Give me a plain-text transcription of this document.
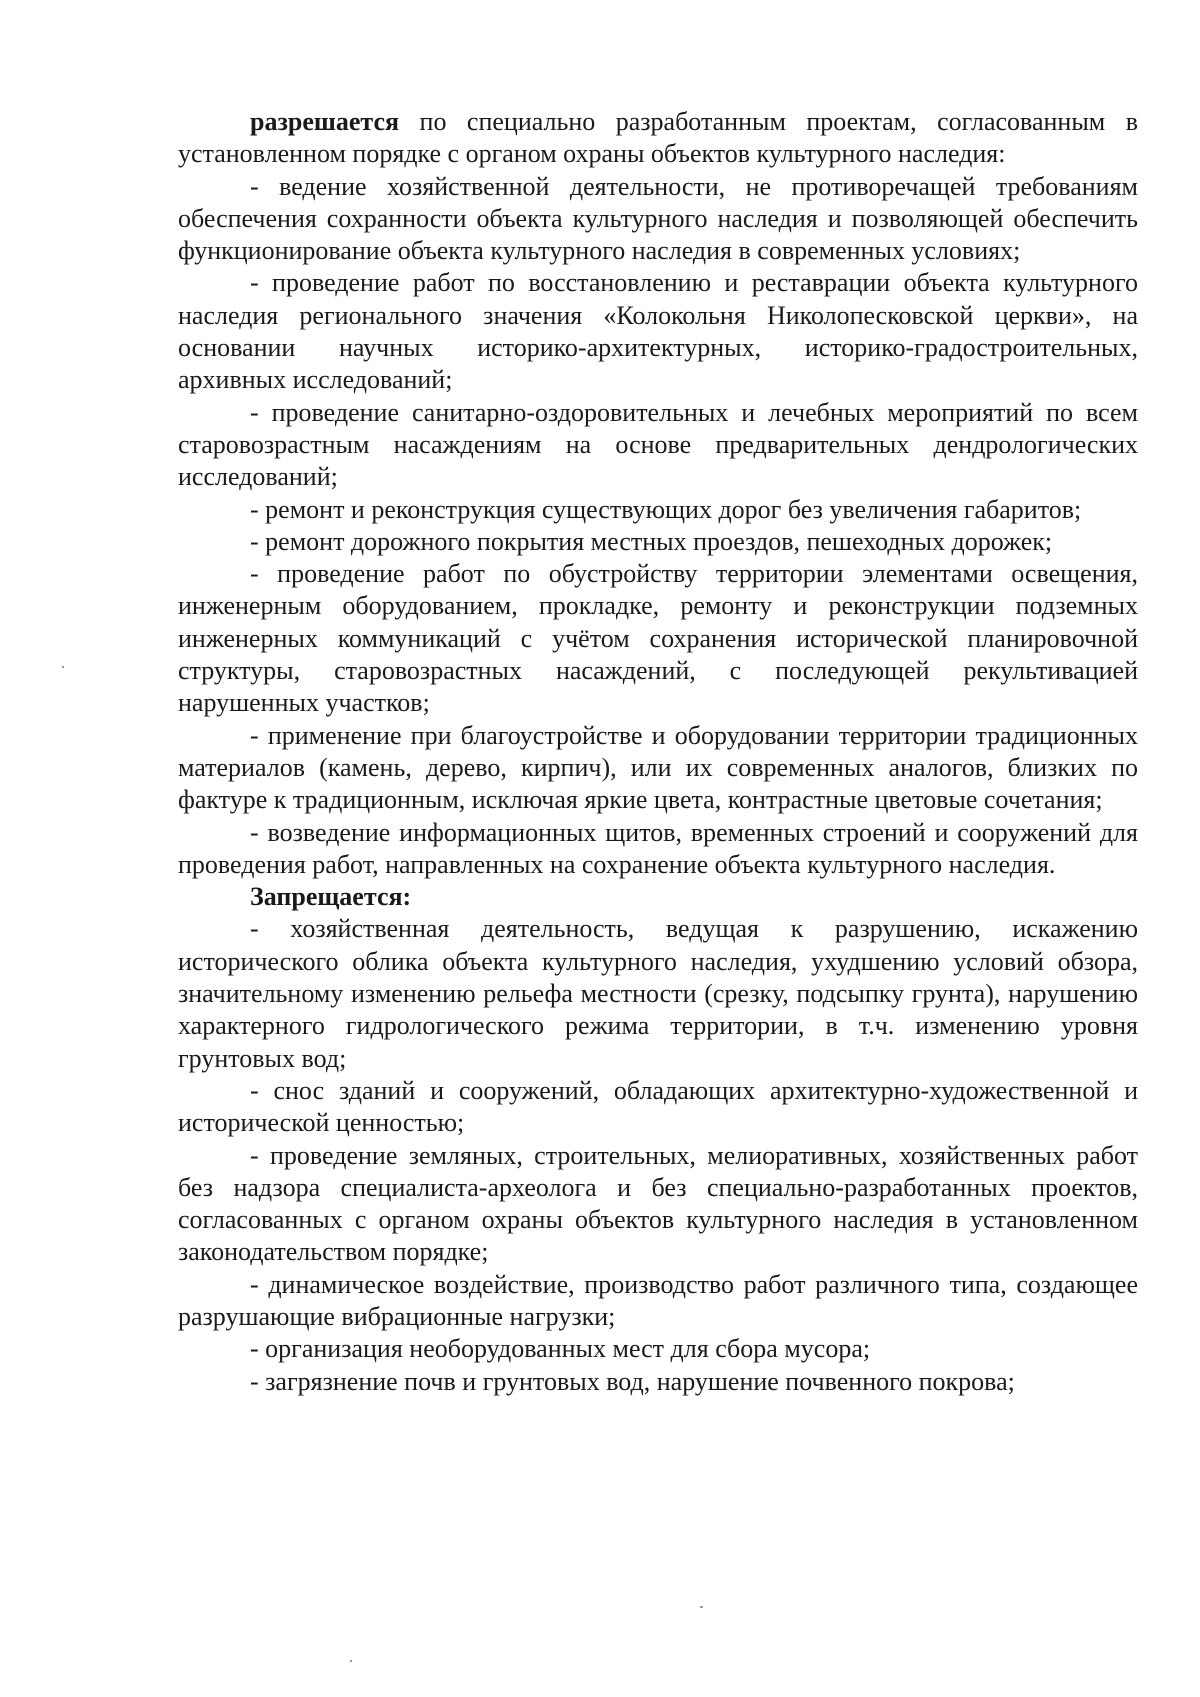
разрешается по специально разработанным проектам, согласованным в установленном порядке с органом охраны объектов культурного наследия:

- ведение хозяйственной деятельности, не противоречащей требованиям обеспечения сохранности объекта культурного наследия и позволяющей обеспечить функционирование объекта культурного наследия в современных условиях;

- проведение работ по восстановлению и реставрации объекта культурного наследия регионального значения «Колокольня Николопесковской церкви», на основании научных историко-архитектурных, историко-градостроительных, архивных исследований;

- проведение санитарно-оздоровительных и лечебных мероприятий по всем старовозрастным насаждениям на основе предварительных дендрологических исследований;

- ремонт и реконструкция существующих дорог без увеличения габаритов;

- ремонт дорожного покрытия местных проездов, пешеходных дорожек;

- проведение работ по обустройству территории элементами освещения, инженерным оборудованием, прокладке, ремонту и реконструкции подземных инженерных коммуникаций с учётом сохранения исторической планировочной структуры, старовозрастных насаждений, с последующей рекультивацией нарушенных участков;

- применение при благоустройстве и оборудовании территории традиционных материалов (камень, дерево, кирпич), или их современных аналогов, близких по фактуре к традиционным, исключая яркие цвета, контрастные цветовые сочетания;

- возведение информационных щитов, временных строений и сооружений для проведения работ, направленных на сохранение объекта культурного наследия.

Запрещается:

- хозяйственная деятельность, ведущая к разрушению, искажению исторического облика объекта культурного наследия, ухудшению условий обзора, значительному изменению рельефа местности (срезку, подсыпку грунта), нарушению характерного гидрологического режима территории, в т.ч. изменению уровня грунтовых вод;

- снос зданий и сооружений, обладающих архитектурно-художественной и исторической ценностью;

- проведение земляных, строительных, мелиоративных, хозяйственных работ без надзора специалиста-археолога и без специально-разработанных проектов, согласованных с органом охраны объектов культурного наследия в установленном законодательством порядке;

- динамическое воздействие, производство работ различного типа, создающее разрушающие вибрационные нагрузки;

- организация необорудованных мест для сбора мусора;

- загрязнение почв и грунтовых вод, нарушение почвенного покрова;
